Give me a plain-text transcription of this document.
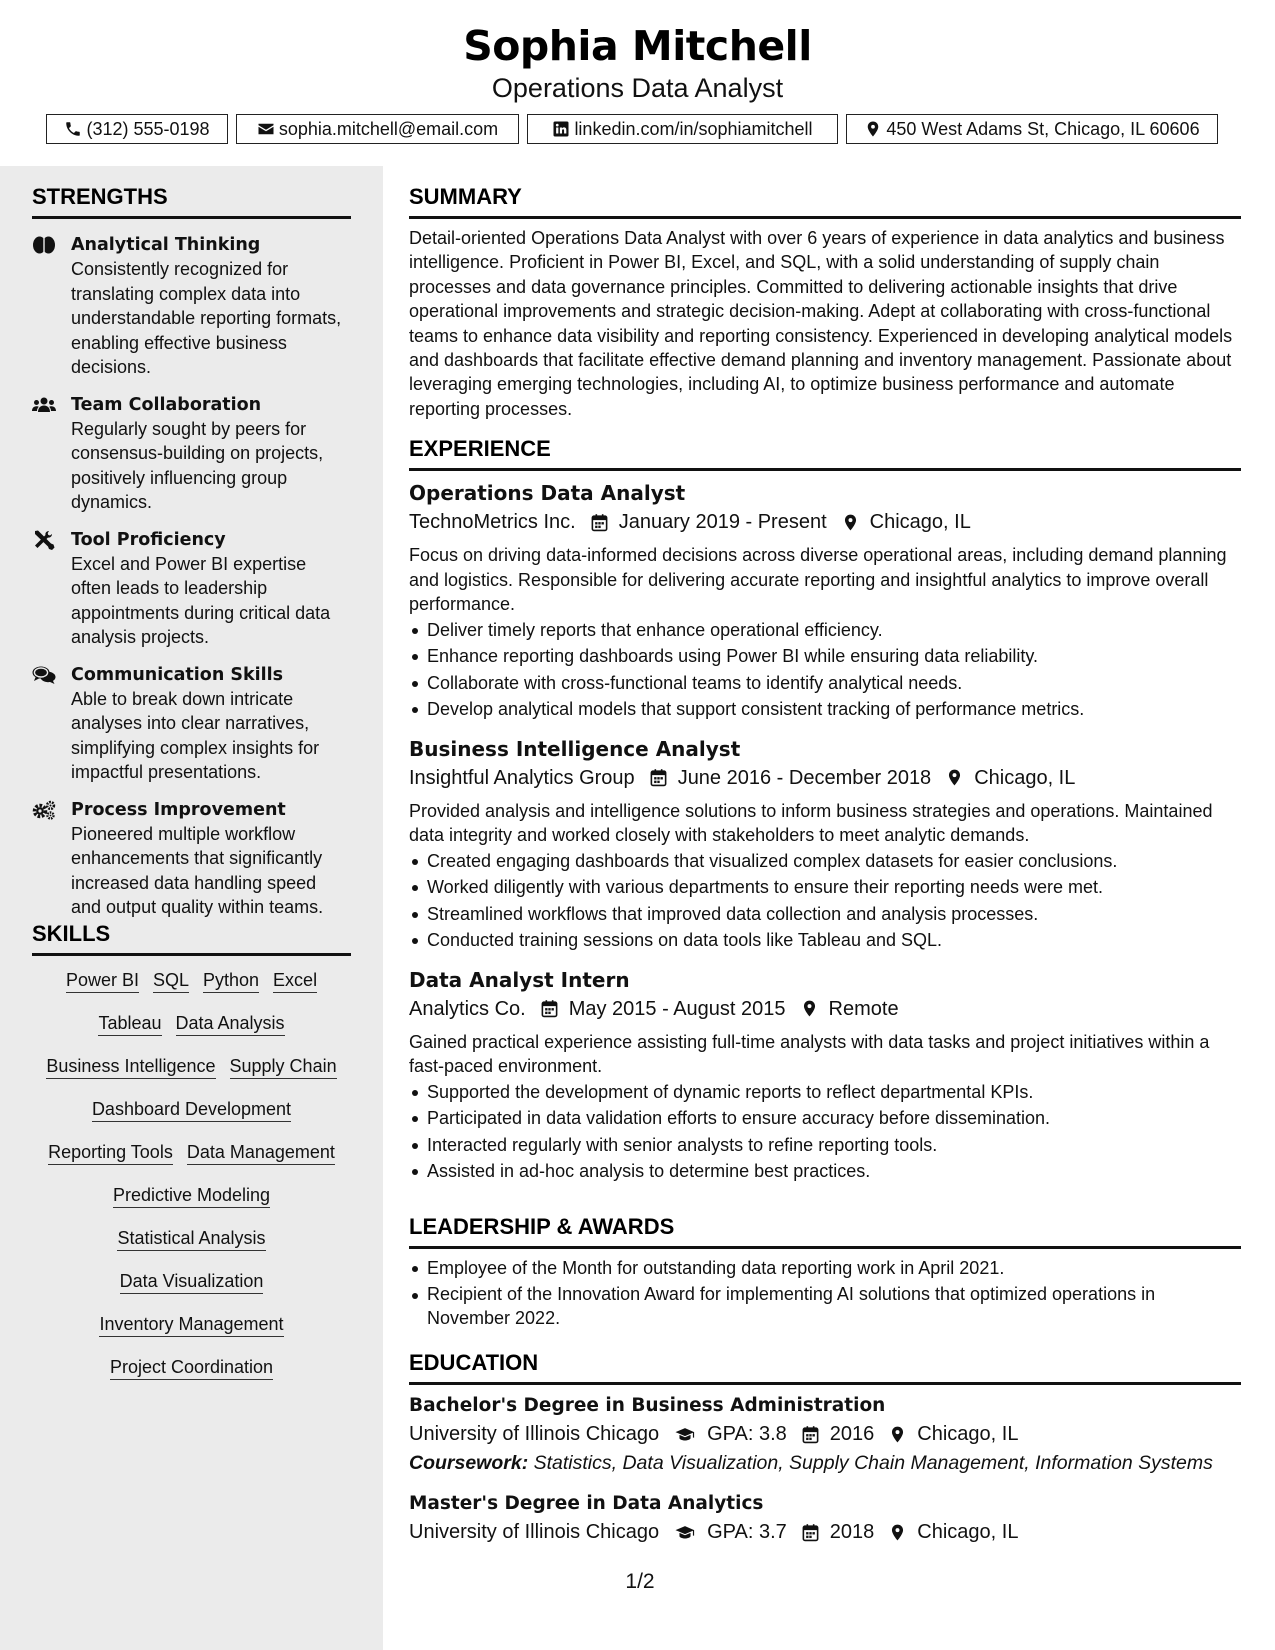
Sophia Mitchell
Operations Data Analyst
(312) 555-0198	sophia.mitchell@email.com	linkedin.com/in/sophiamitchell	450 West Adams St, Chicago, IL 60606
STRENGTHS
Analytical Thinking
Consistently recognized for translating complex data into understandable reporting formats, enabling effective business decisions.
Team Collaboration
Regularly sought by peers for consensus-building on projects, positively influencing group dynamics.
Tool Proficiency
Excel and Power BI expertise often leads to leadership appointments during critical data analysis projects.
Communication Skills
Able to break down intricate analyses into clear narratives, simplifying complex insights for impactful presentations.
Process Improvement
Pioneered multiple workflow enhancements that significantly increased data handling speed and output quality within teams.
SKILLS
Power BI SQL Python Excel
Tableau Data Analysis
Business Intelligence Supply Chain
Dashboard Development
Reporting Tools Data Management
Predictive Modeling
Statistical Analysis
Data Visualization
Inventory Management
Project Coordination
SUMMARY
Detail-oriented Operations Data Analyst with over 6 years of experience in data analytics and business intelligence. Proficient in Power BI, Excel, and SQL, with a solid understanding of supply chain processes and data governance principles. Committed to delivering actionable insights that drive operational improvements and strategic decision-making. Adept at collaborating with cross-functional teams to enhance data visibility and reporting consistency. Experienced in developing analytical models and dashboards that facilitate effective demand planning and inventory management. Passionate about leveraging emerging technologies, including AI, to optimize business performance and automate reporting processes.
EXPERIENCE
Operations Data Analyst
TechnoMetrics Inc. January 2019 - Present Chicago, IL
Focus on driving data-informed decisions across diverse operational areas, including demand planning and logistics. Responsible for delivering accurate reporting and insightful analytics to improve overall performance.
Deliver timely reports that enhance operational efficiency.
Enhance reporting dashboards using Power BI while ensuring data reliability.
Collaborate with cross-functional teams to identify analytical needs.
Develop analytical models that support consistent tracking of performance metrics.
Business Intelligence Analyst
Insightful Analytics Group June 2016 - December 2018 Chicago, IL
Provided analysis and intelligence solutions to inform business strategies and operations. Maintained data integrity and worked closely with stakeholders to meet analytic demands.
Created engaging dashboards that visualized complex datasets for easier conclusions.
Worked diligently with various departments to ensure their reporting needs were met.
Streamlined workflows that improved data collection and analysis processes.
Conducted training sessions on data tools like Tableau and SQL.
Data Analyst Intern
Analytics Co. May 2015 - August 2015 Remote
Gained practical experience assisting full-time analysts with data tasks and project initiatives within a fast-paced environment.
Supported the development of dynamic reports to reflect departmental KPIs.
Participated in data validation efforts to ensure accuracy before dissemination.
Interacted regularly with senior analysts to refine reporting tools.
Assisted in ad-hoc analysis to determine best practices.
LEADERSHIP & AWARDS
Employee of the Month for outstanding data reporting work in April 2021.
Recipient of the Innovation Award for implementing AI solutions that optimized operations in November 2022.
EDUCATION
Bachelor's Degree in Business Administration
University of Illinois Chicago GPA: 3.8 2016 Chicago, IL
Coursework: Statistics, Data Visualization, Supply Chain Management, Information Systems
Master's Degree in Data Analytics
University of Illinois Chicago GPA: 3.7 2018 Chicago, IL
1/2
